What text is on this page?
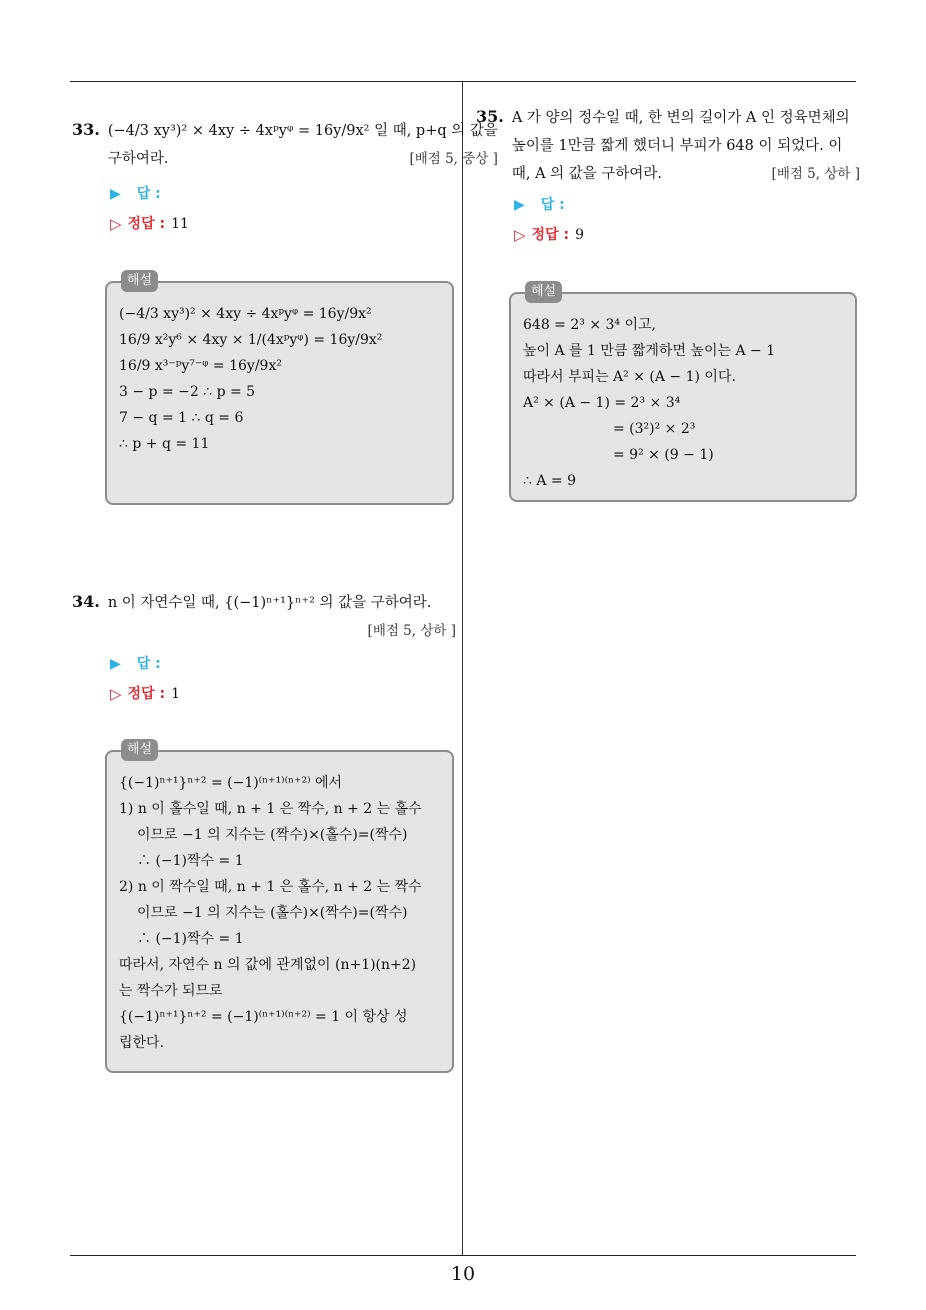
33. (−4/3 xy³)² × 4xy ÷ 4xᵖyᵠ = 16y/9x² 일 때, p+q 의 값을
구하여라.	[배점 5, 중상 ]
▶ 답 :
▷ 정답 : 11
해설
(−4/3 xy³)² × 4xy ÷ 4xᵖyᵠ = 16y/9x²
16/9 x²y⁶ × 4xy × 1/(4xᵖyᵠ) = 16y/9x²
16/9 x³⁻ᵖy⁷⁻ᵠ = 16y/9x²
3 − p = −2 ∴ p = 5
7 − q = 1 ∴ q = 6
∴ p + q = 11
34. n 이 자연수일 때, {(−1)ⁿ⁺¹}ⁿ⁺² 의 값을 구하여라.
[배점 5, 상하 ]
▶ 답 :
▷ 정답 : 1
해설
{(−1)ⁿ⁺¹}ⁿ⁺² = (−1)⁽ⁿ⁺¹⁾⁽ⁿ⁺²⁾ 에서
1) n 이 홀수일 때, n + 1 은 짝수, n + 2 는 홀수
이므로 −1 의 지수는 (짝수)×(홀수)=(짝수)
∴ (−1)짝수 = 1
2) n 이 짝수일 때, n + 1 은 홀수, n + 2 는 짝수
이므로 −1 의 지수는 (홀수)×(짝수)=(짝수)
∴ (−1)짝수 = 1
따라서, 자연수 n 의 값에 관계없이 (n+1)(n+2)
는 짝수가 되므로
{(−1)ⁿ⁺¹}ⁿ⁺² = (−1)⁽ⁿ⁺¹⁾⁽ⁿ⁺²⁾ = 1 이 항상 성
립한다.
35. A 가 양의 정수일 때, 한 변의 길이가 A 인 정육면체의
높이를 1만큼 짧게 했더니 부피가 648 이 되었다. 이
때, A 의 값을 구하여라.	[배점 5, 상하 ]
▶ 답 :
▷ 정답 : 9
해설
648 = 2³ × 3⁴ 이고,
높이 A 를 1 만큼 짧게하면 높이는 A − 1
따라서 부피는 A² × (A − 1) 이다.
A² × (A − 1) = 2³ × 3⁴
= (3²)² × 2³
= 9² × (9 − 1)
∴ A = 9
10
